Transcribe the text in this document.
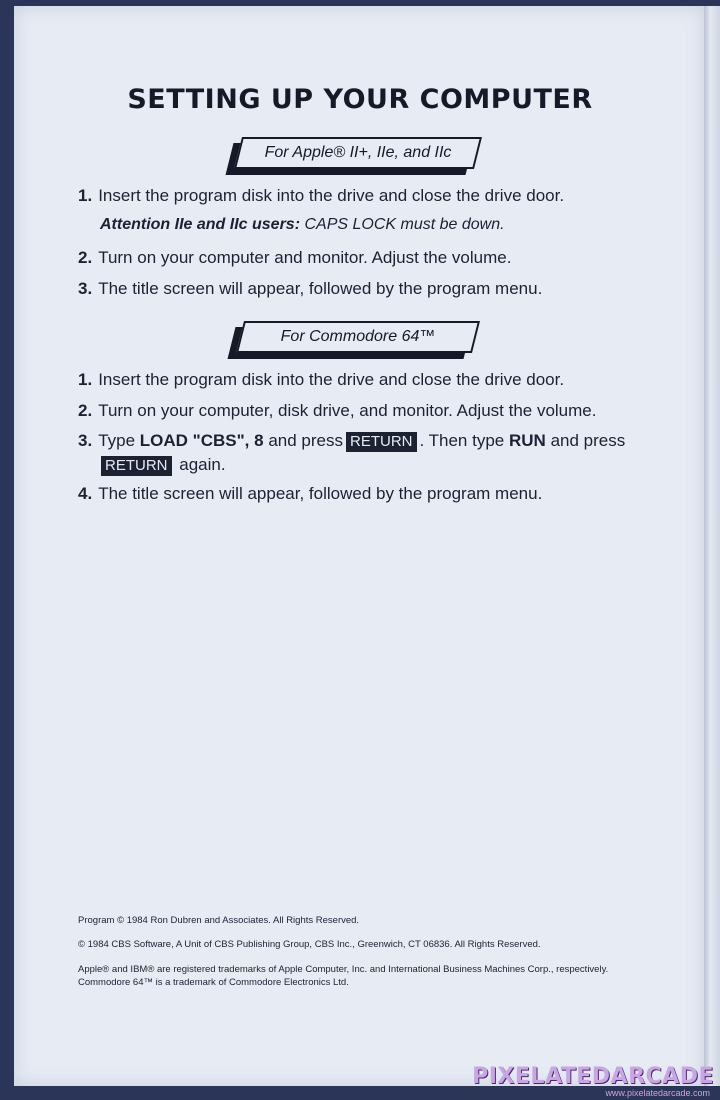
SETTING UP YOUR COMPUTER
For Apple® II+, IIe, and IIc
1. Insert the program disk into the drive and close the drive door.
Attention IIe and IIc users: CAPS LOCK must be down.
2. Turn on your computer and monitor. Adjust the volume.
3. The title screen will appear, followed by the program menu.
For Commodore 64™
1. Insert the program disk into the drive and close the drive door.
2. Turn on your computer, disk drive, and monitor. Adjust the volume.
3. Type LOAD "CBS", 8 and press RETURN . Then type RUN and press
RETURN again.
4. The title screen will appear, followed by the program menu.
Program © 1984 Ron Dubren and Associates. All Rights Reserved.
© 1984 CBS Software, A Unit of CBS Publishing Group, CBS Inc., Greenwich, CT 06836. All Rights Reserved.
Apple® and IBM® are registered trademarks of Apple Computer, Inc. and International Business Machines Corp., respectively. Commodore 64™ is a trademark of Commodore Electronics Ltd.
PIXELATEDARCADE
www.pixelatedarcade.com
